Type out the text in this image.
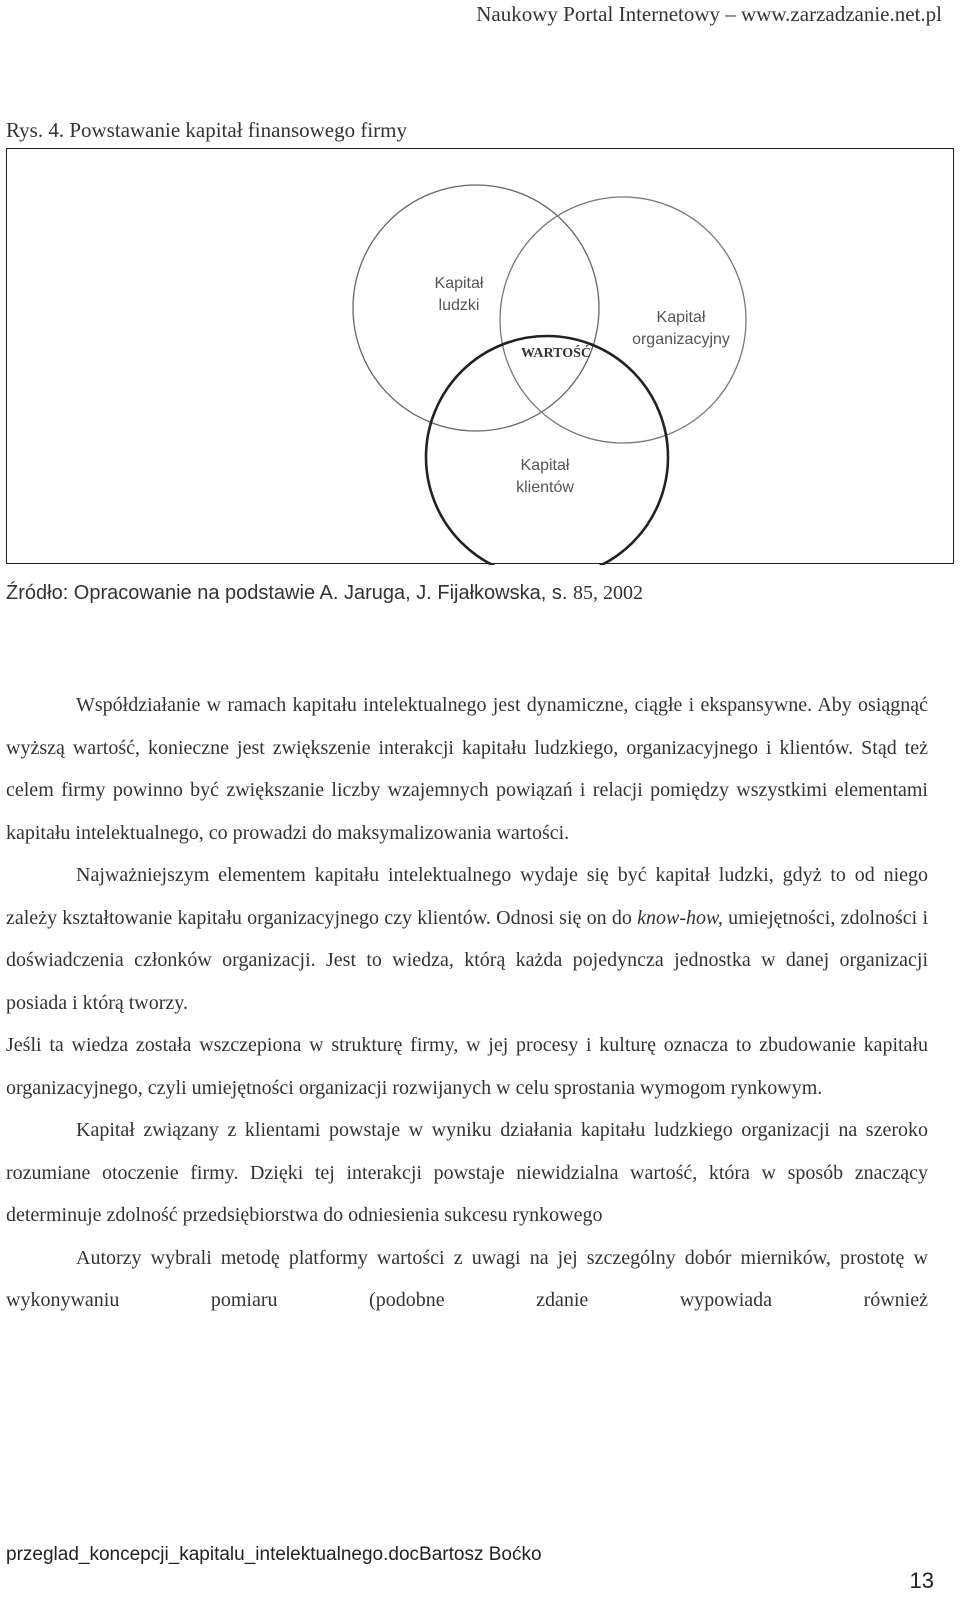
Naukowy Portal Internetowy – www.zarzadzanie.net.pl
Rys. 4. Powstawanie kapitał finansowego firmy
Kapitał
ludzki
Kapitał
organizacyjny
WARTOŚĆ
Kapitał
klientów
Źródło: Opracowanie na podstawie A. Jaruga, J. Fijałkowska, s. 85, 2002

Współdziałanie w ramach kapitału intelektualnego jest dynamiczne, ciągłe i ekspansywne. Aby osiągnąć wyższą wartość, konieczne jest zwiększenie interakcji kapitału ludzkiego, organizacyjnego i klientów. Stąd też celem firmy powinno być zwiększanie liczby wzajemnych powiązań i relacji pomiędzy wszystkimi elementami kapitału intelektualnego, co prowadzi do maksymalizowania wartości.

Najważniejszym elementem kapitału intelektualnego wydaje się być kapitał ludzki, gdyż to od niego zależy kształtowanie kapitału organizacyjnego czy klientów. Odnosi się on do know-how, umiejętności, zdolności i doświadczenia członków organizacji. Jest to wiedza, którą każda pojedyncza jednostka w danej organizacji posiada i którą tworzy.

Jeśli ta wiedza została wszczepiona w strukturę firmy, w jej procesy i kulturę oznacza to zbudowanie kapitału organizacyjnego, czyli umiejętności organizacji rozwijanych w celu sprostania wymogom rynkowym.

Kapitał związany z klientami powstaje w wyniku działania kapitału ludzkiego organizacji na szeroko rozumiane otoczenie firmy. Dzięki tej interakcji powstaje niewidzialna wartość, która w sposób znaczący determinuje zdolność przedsiębiorstwa do odniesienia sukcesu rynkowego

Autorzy wybrali metodę platformy wartości z uwagi na jej szczególny dobór mierników, prostotę w wykonywaniu pomiaru (podobne zdanie wypowiada również

przeglad_koncepcji_kapitalu_intelektualnego.docBartosz Boćko
13
